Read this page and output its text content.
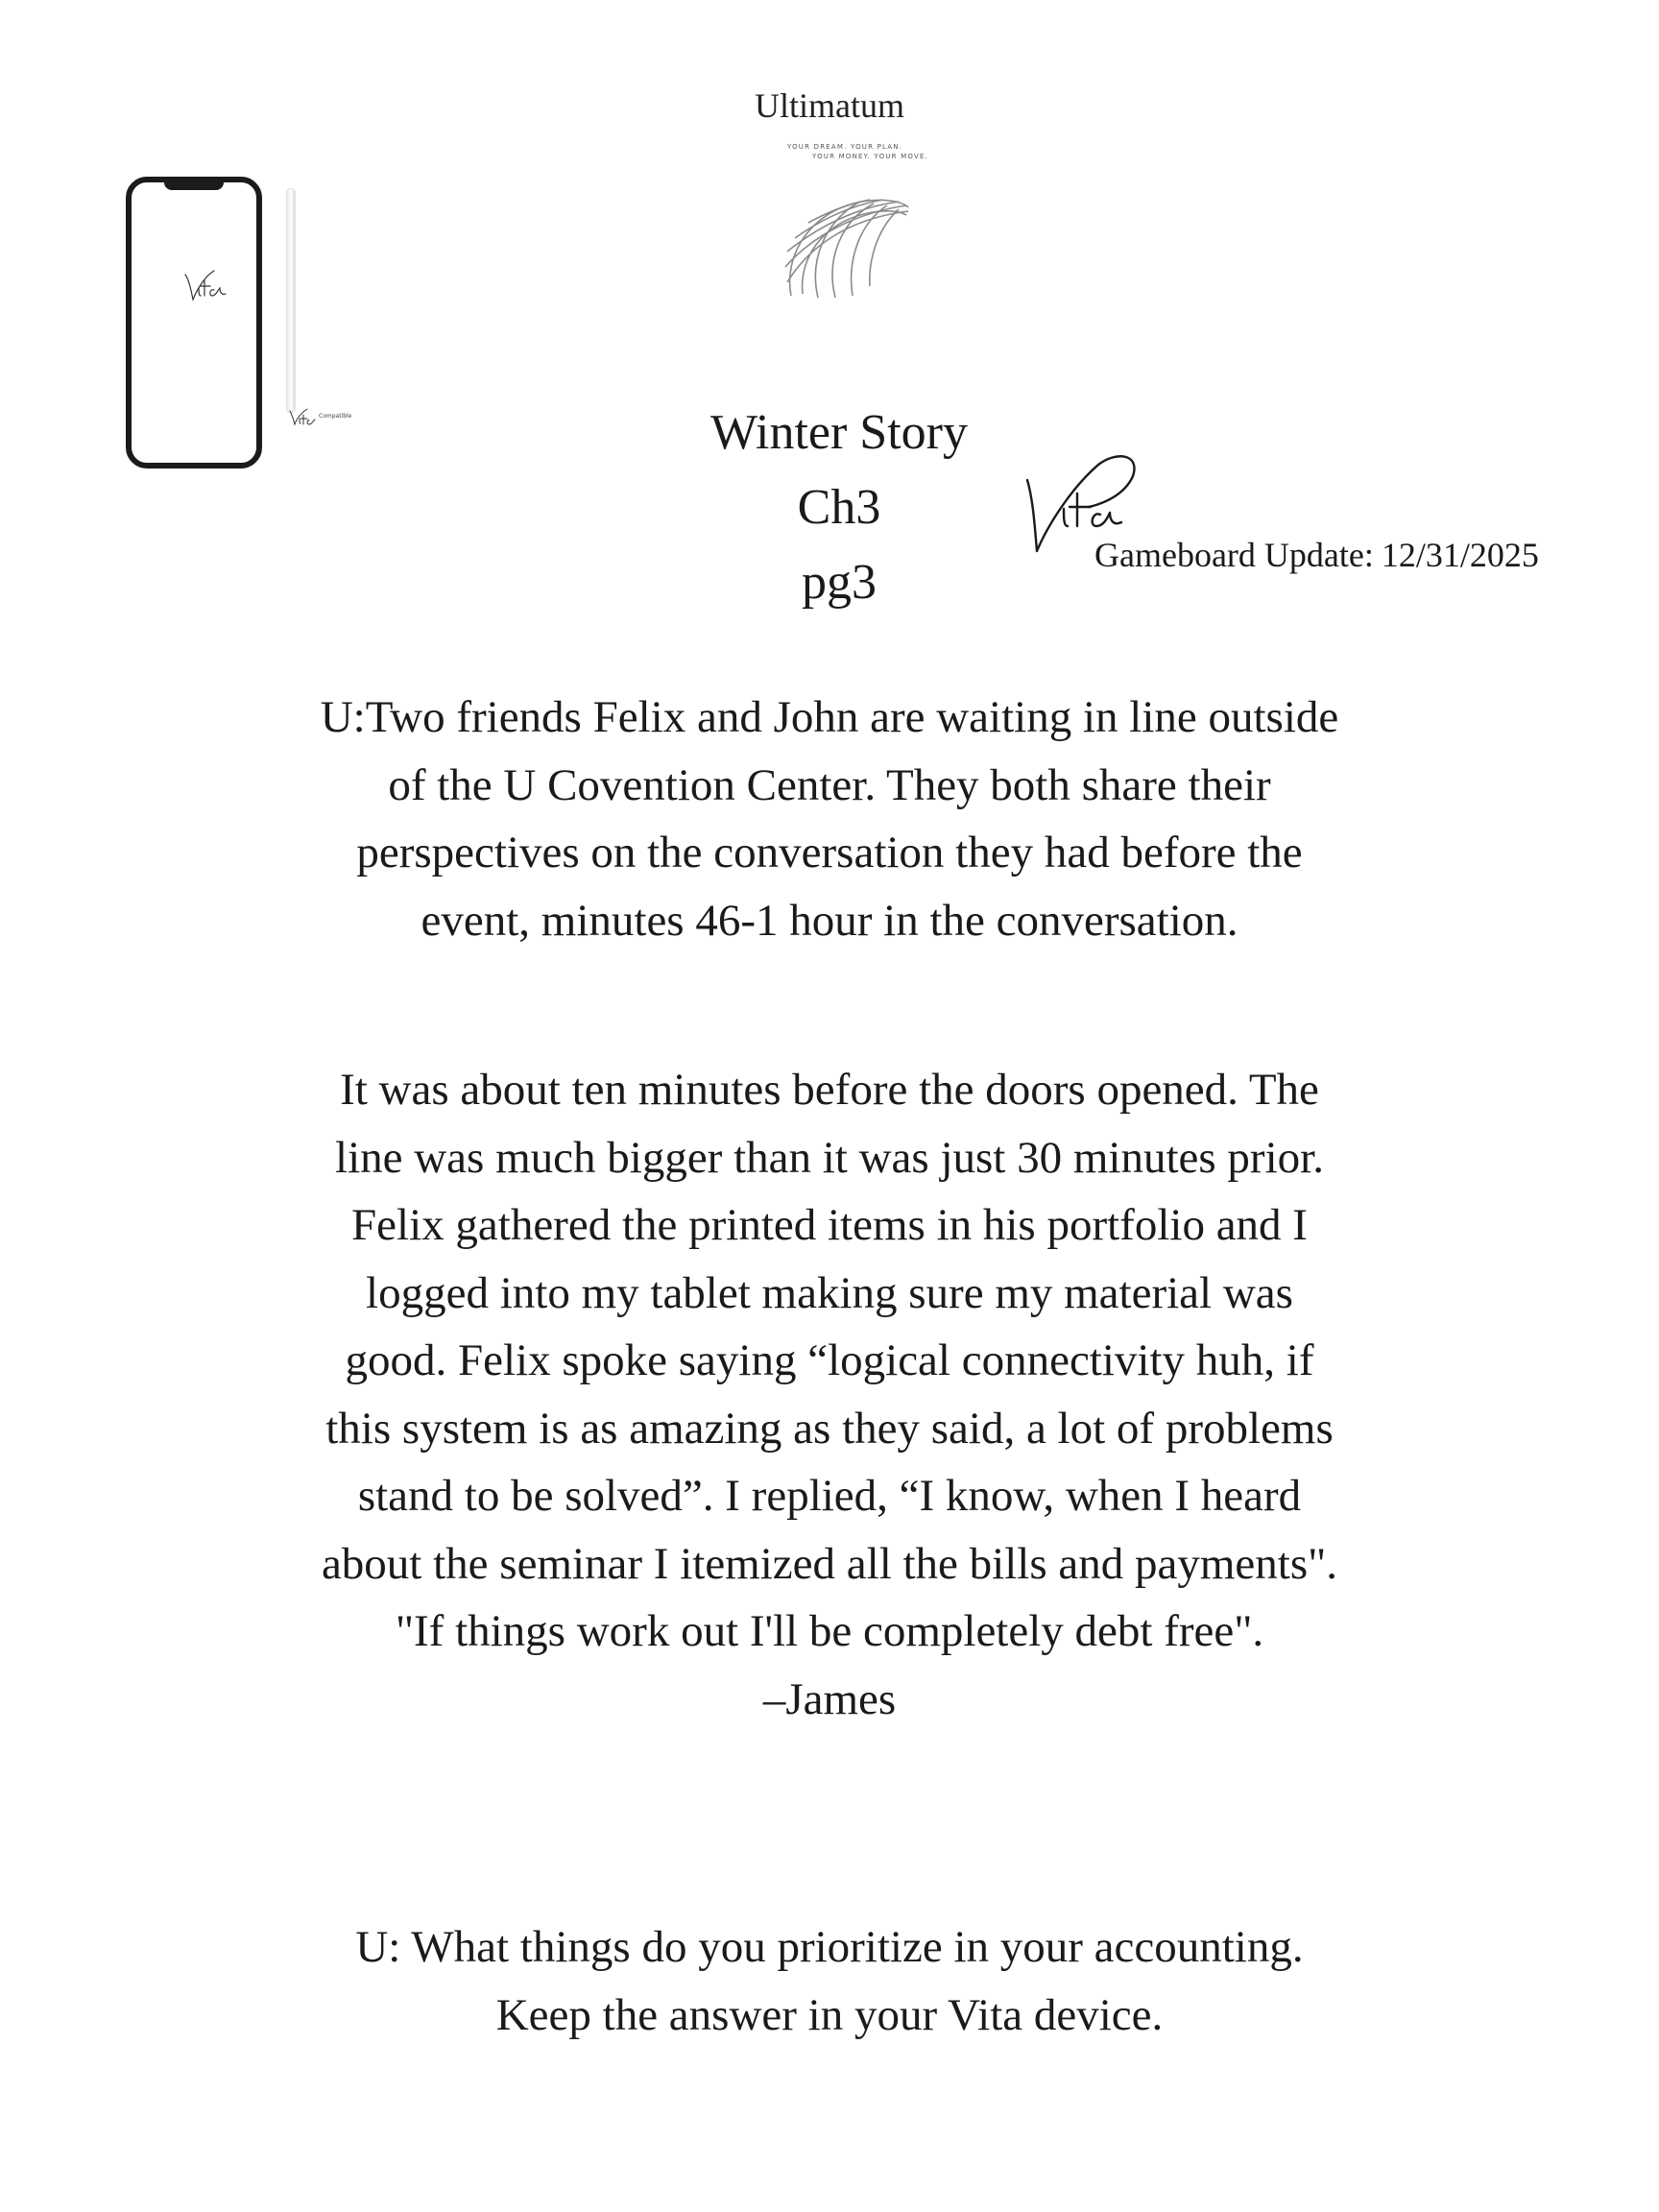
Ultimatum
YOUR DREAM. YOUR PLAN.
YOUR MONEY. YOUR MOVE.
Compatible	Winter Story
Ch3
pg3	Gameboard Update: 12/31/2025
U:Two friends Felix and John are waiting in line outside
of the U Covention Center. They both share their
perspectives on the conversation they had before the
event, minutes 46-1 hour in the conversation.
It was about ten minutes before the doors opened. The
line was much bigger than it was just 30 minutes prior.
Felix gathered the printed items in his portfolio and I
logged into my tablet making sure my material was
good. Felix spoke saying “logical connectivity huh, if
this system is as amazing as they said, a lot of problems
stand to be solved”. I replied, “I know, when I heard
about the seminar I itemized all the bills and payments".
"If things work out I'll be completely debt free".
–James
U: What things do you prioritize in your accounting.
Keep the answer in your Vita device.
